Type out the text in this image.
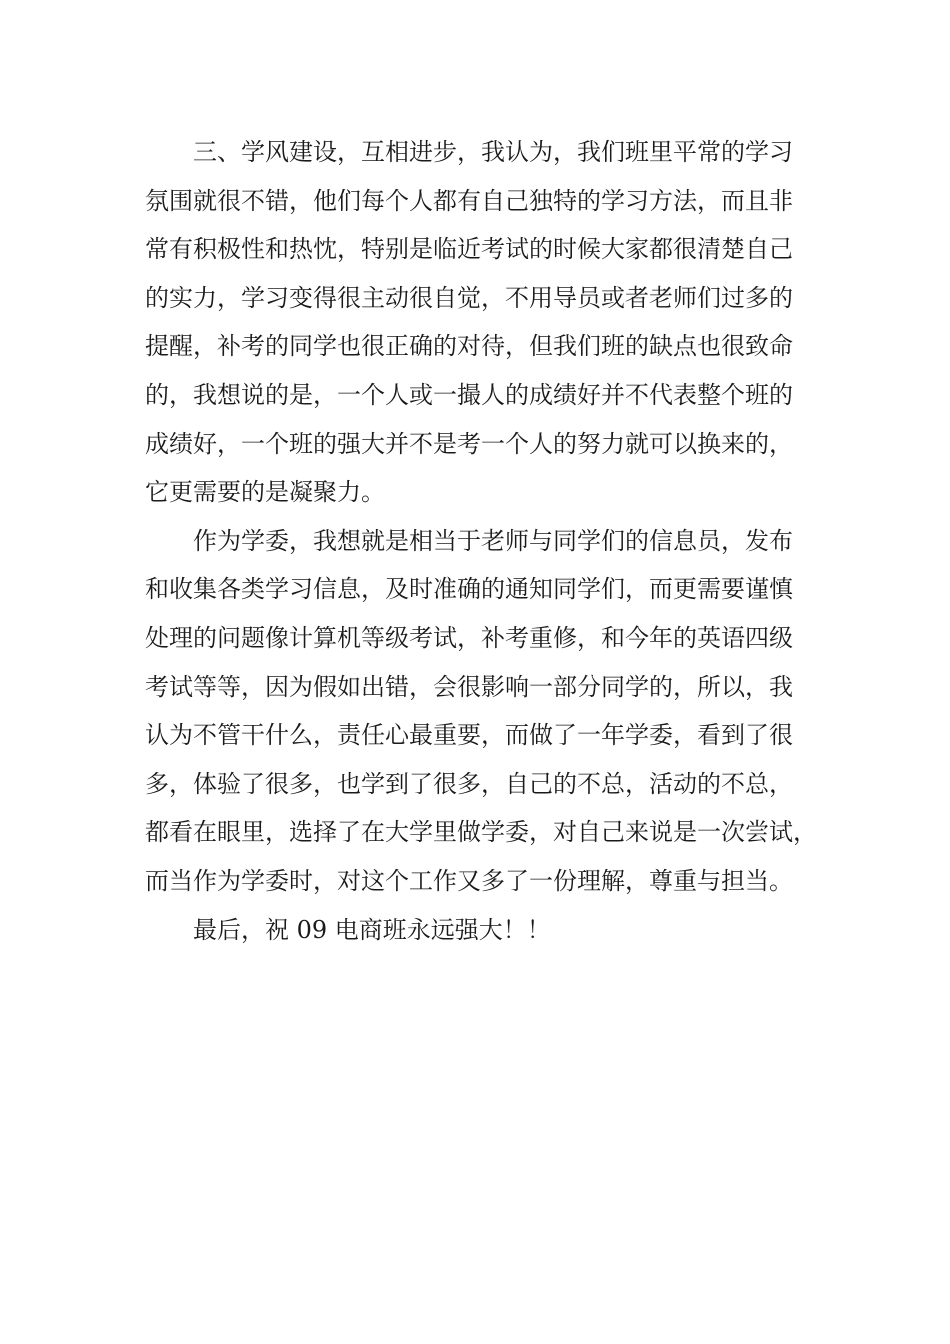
三、学风建设，互相进步，我认为，我们班里平常的学习
氛围就很不错，他们每个人都有自己独特的学习方法，而且非
常有积极性和热忱，特别是临近考试的时候大家都很清楚自己
的实力，学习变得很主动很自觉，不用导员或者老师们过多的
提醒，补考的同学也很正确的对待，但我们班的缺点也很致命
的，我想说的是，一个人或一撮人的成绩好并不代表整个班的
成绩好，一个班的强大并不是考一个人的努力就可以换来的，
它更需要的是凝聚力。
作为学委，我想就是相当于老师与同学们的信息员，发布
和收集各类学习信息，及时准确的通知同学们，而更需要谨慎
处理的问题像计算机等级考试，补考重修，和今年的英语四级
考试等等，因为假如出错，会很影响一部分同学的，所以，我
认为不管干什么，责任心最重要，而做了一年学委，看到了很
多，体验了很多，也学到了很多，自己的不总，活动的不总，
都看在眼里，选择了在大学里做学委，对自己来说是一次尝试，
而当作为学委时，对这个工作又多了一份理解，尊重与担当。
最后，祝 09 电商班永远强大！！
